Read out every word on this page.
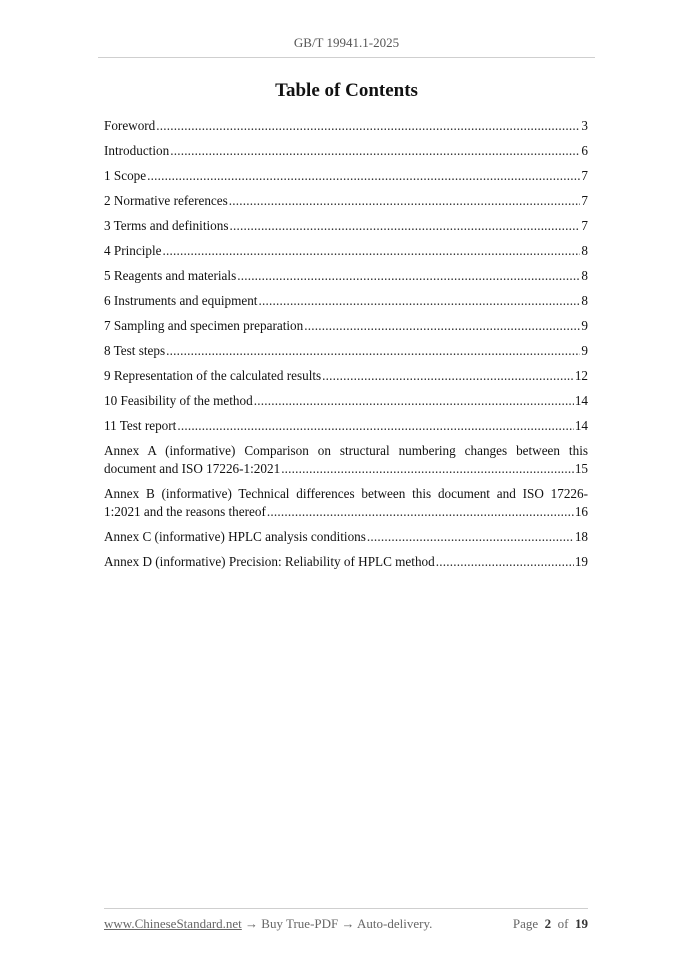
GB/T 19941.1-2025
Table of Contents
Foreword .....	3
Introduction .....	6
1 Scope .....	7
2 Normative references .....	7
3 Terms and definitions .....	7
4 Principle .....	8
5 Reagents and materials .....	8
6 Instruments and equipment .....	8
7 Sampling and specimen preparation .....	9
8 Test steps .....	9
9 Representation of the calculated results .....	12
10 Feasibility of the method .....	14
11 Test report .....	14
Annex A (informative) Comparison on structural numbering changes between this
document and ISO 17226-1:2021 .....	15
Annex B (informative) Technical differences between this document and ISO 17226-
1:2021 and the reasons thereof .....	16
Annex C (informative) HPLC analysis conditions .....	18
Annex D (informative) Precision: Reliability of HPLC method .....	19
www.ChineseStandard.net → Buy True-PDF → Auto-delivery.	Page 2 of 19
